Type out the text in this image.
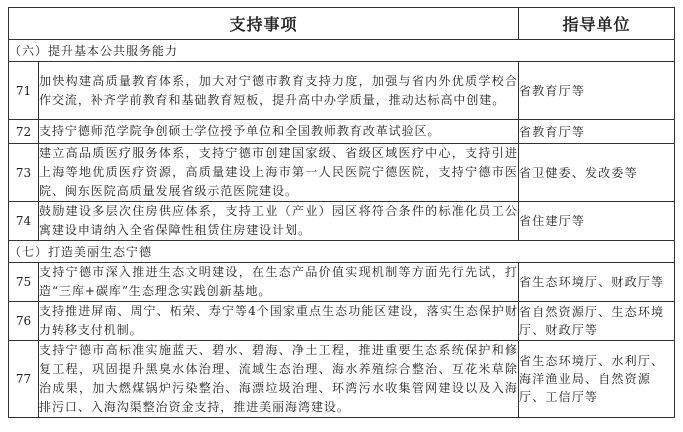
支持事项		指导单位
（六）提升基本公共服务能力		
71	加快构建高质量教育体系，加大对宁德市教育支持力度，加强与省内外优质学校合作交流，补齐学前教育和基础教育短板，提升高中办学质量，推动达标高中创建。	省教育厅等
72	支持宁德师范学院争创硕士学位授予单位和全国教师教育改革试验区。	省教育厅等
73	建立高品质医疗服务体系，支持宁德市创建国家级、省级区域医疗中心，支持引进上海等地优质医疗资源，高质量建设上海市第一人民医院宁德医院，支持宁德市医院、闽东医院高质量发展省级示范医院建设。	省卫健委、发改委等
74	鼓励建设多层次住房供应体系，支持工业（产业）园区将符合条件的标准化员工公寓建设申请纳入全省保障性租赁住房建设计划。	省住建厅等
（七）打造美丽生态宁德		
75	支持宁德市深入推进生态文明建设，在生态产品价值实现机制等方面先行先试，打造“三库+碳库”生态理念实践创新基地。	省生态环境厅、财政厅等
76	支持推进屏南、周宁、柘荣、寿宁等4个国家重点生态功能区建设，落实生态保护财力转移支付机制。	省自然资源厅、生态环境厅、财政厅等
77	支持宁德市高标准实施蓝天、碧水、碧海、净土工程，推进重要生态系统保护和修复工程，巩固提升黑臭水体治理、流域生态治理、海水养殖综合整治、互花米草除治成果，加大燃煤锅炉污染整治、海漂垃圾治理、环湾污水收集管网建设以及入海排污口、入海沟渠整治资金支持，推进美丽海湾建设。	省生态环境厅、水利厅、海洋渔业局、自然资源厅、工信厅等
